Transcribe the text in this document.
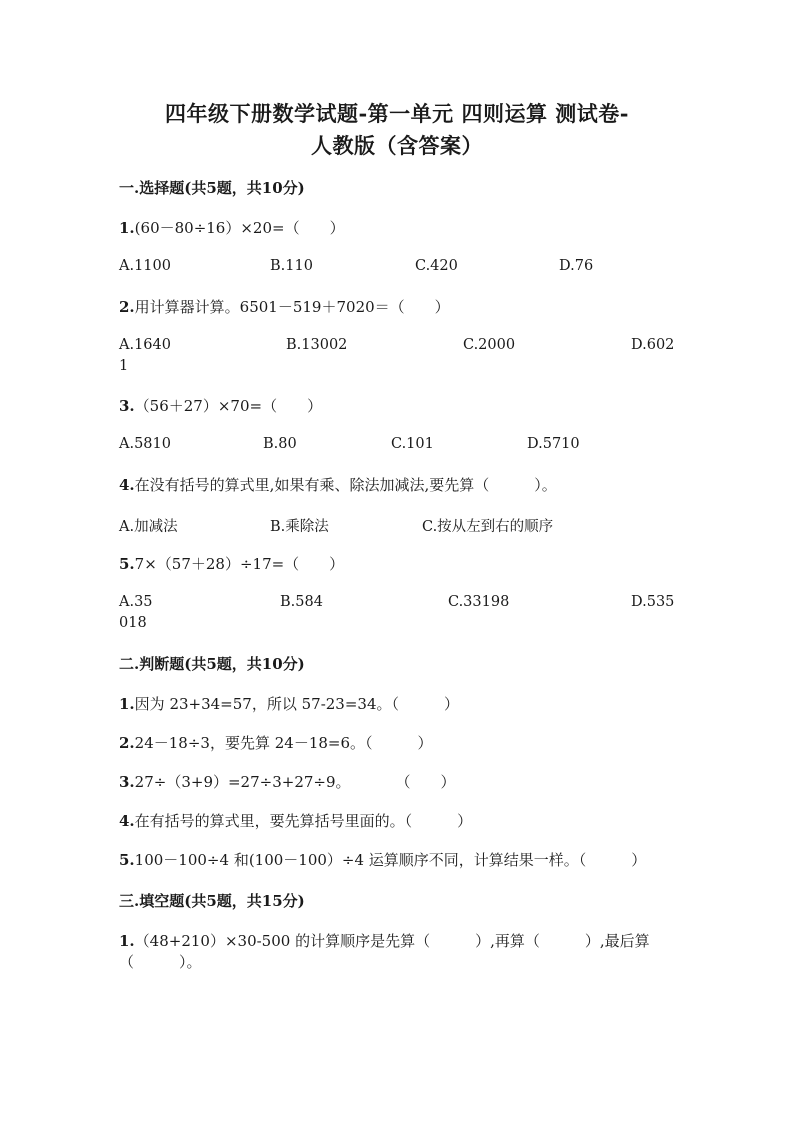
四年级下册数学试题-第一单元 四则运算 测试卷-
人教版（含答案）
一.选择题(共5题，共10分)
1.(60－80÷16）×20=（　　）
A.1100	B.110	C.420	D.76
2.用计算器计算。6501－519＋7020＝（　　）
A.1640	B.13002	C.2000	D.602
1
3.（56＋27）×70=（　　）
A.5810	B.80	C.101	D.5710
4.在没有括号的算式里,如果有乘、除法加减法,要先算（　　　）。
A.加减法	B.乘除法	C.按从左到右的顺序
5.7×（57＋28）÷17=（　　）
A.35	B.584	C.33198	D.535
018
二.判断题(共5题，共10分)
1.因为 23+34=57，所以 57-23=34。（　　　）
2.24－18÷3，要先算 24－18=6。（　　　）
3.27÷（3+9）=27÷3+27÷9。　　　　（　　）
4.在有括号的算式里，要先算括号里面的。（　　　）
5.100－100÷4 和(100－100）÷4 运算顺序不同，计算结果一样。（　　　）
三.填空题(共5题，共15分)
1.（48+210）×30-500 的计算顺序是先算（　　　）,再算（　　　）,最后算
（　　　）。
